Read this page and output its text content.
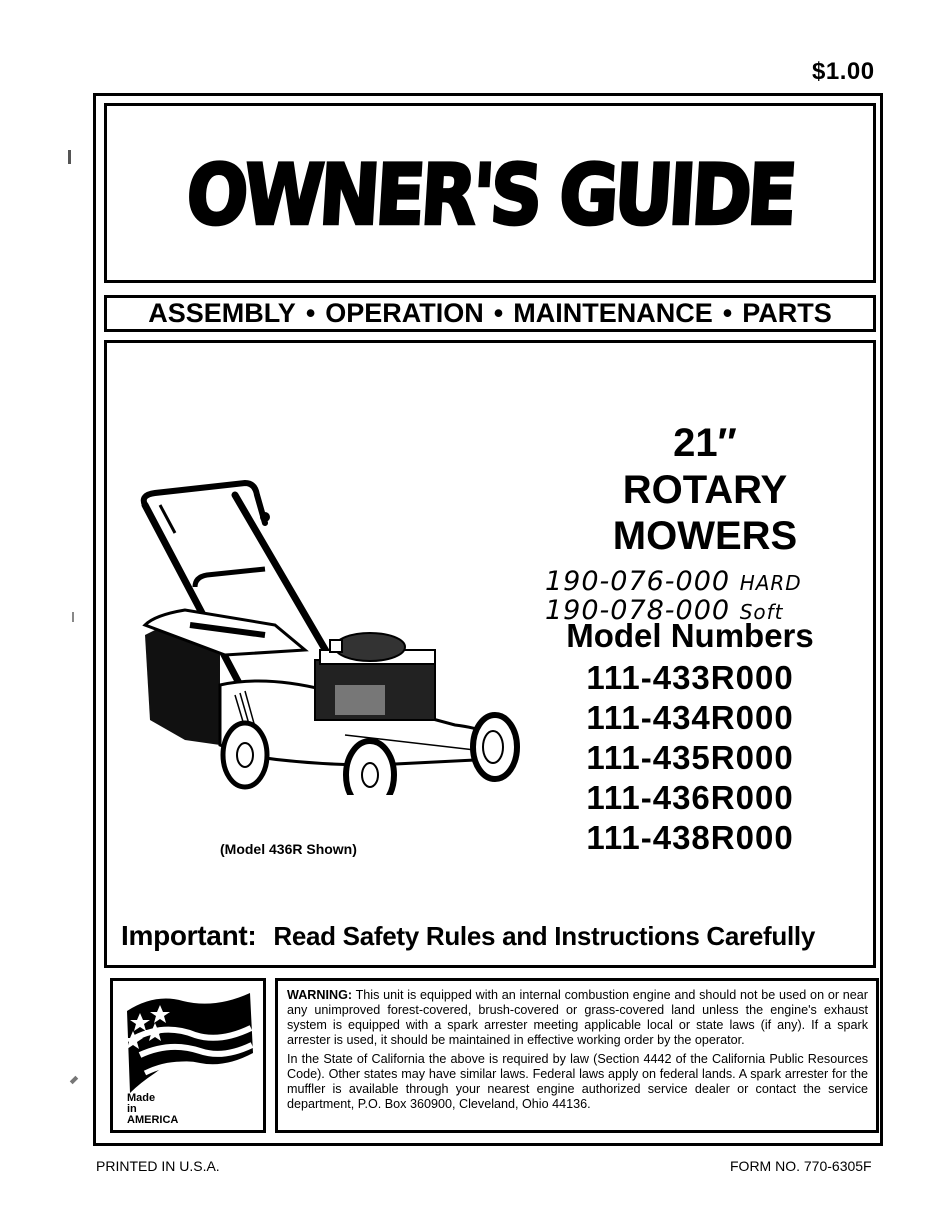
$1.00
OWNER'S GUIDE
ASSEMBLY • OPERATION • MAINTENANCE • PARTS
(Model 436R Shown)
21″
ROTARY
MOWERS
190-076-000 HARD
190-078-000 Soft
Model Numbers
111-433R000
111-434R000
111-435R000
111-436R000
111-438R000
Important: Read Safety Rules and Instructions Carefully
Made
in
AMERICA

WARNING: This unit is equipped with an internal combustion engine and should not be used on or near any unimproved forest-covered, brush-covered or grass-covered land unless the engine's exhaust system is equipped with a spark arrester meeting applicable local or state laws (if any). If a spark arrester is used, it should be maintained in effective working order by the operator.

In the State of California the above is required by law (Section 4442 of the California Public Resources Code). Other states may have similar laws. Federal laws apply on federal lands. A spark arrester for the muffler is available through your nearest engine authorized service dealer or contact the service department, P.O. Box 360900, Cleveland, Ohio 44136.

PRINTED IN U.S.A.	FORM NO. 770-6305F
